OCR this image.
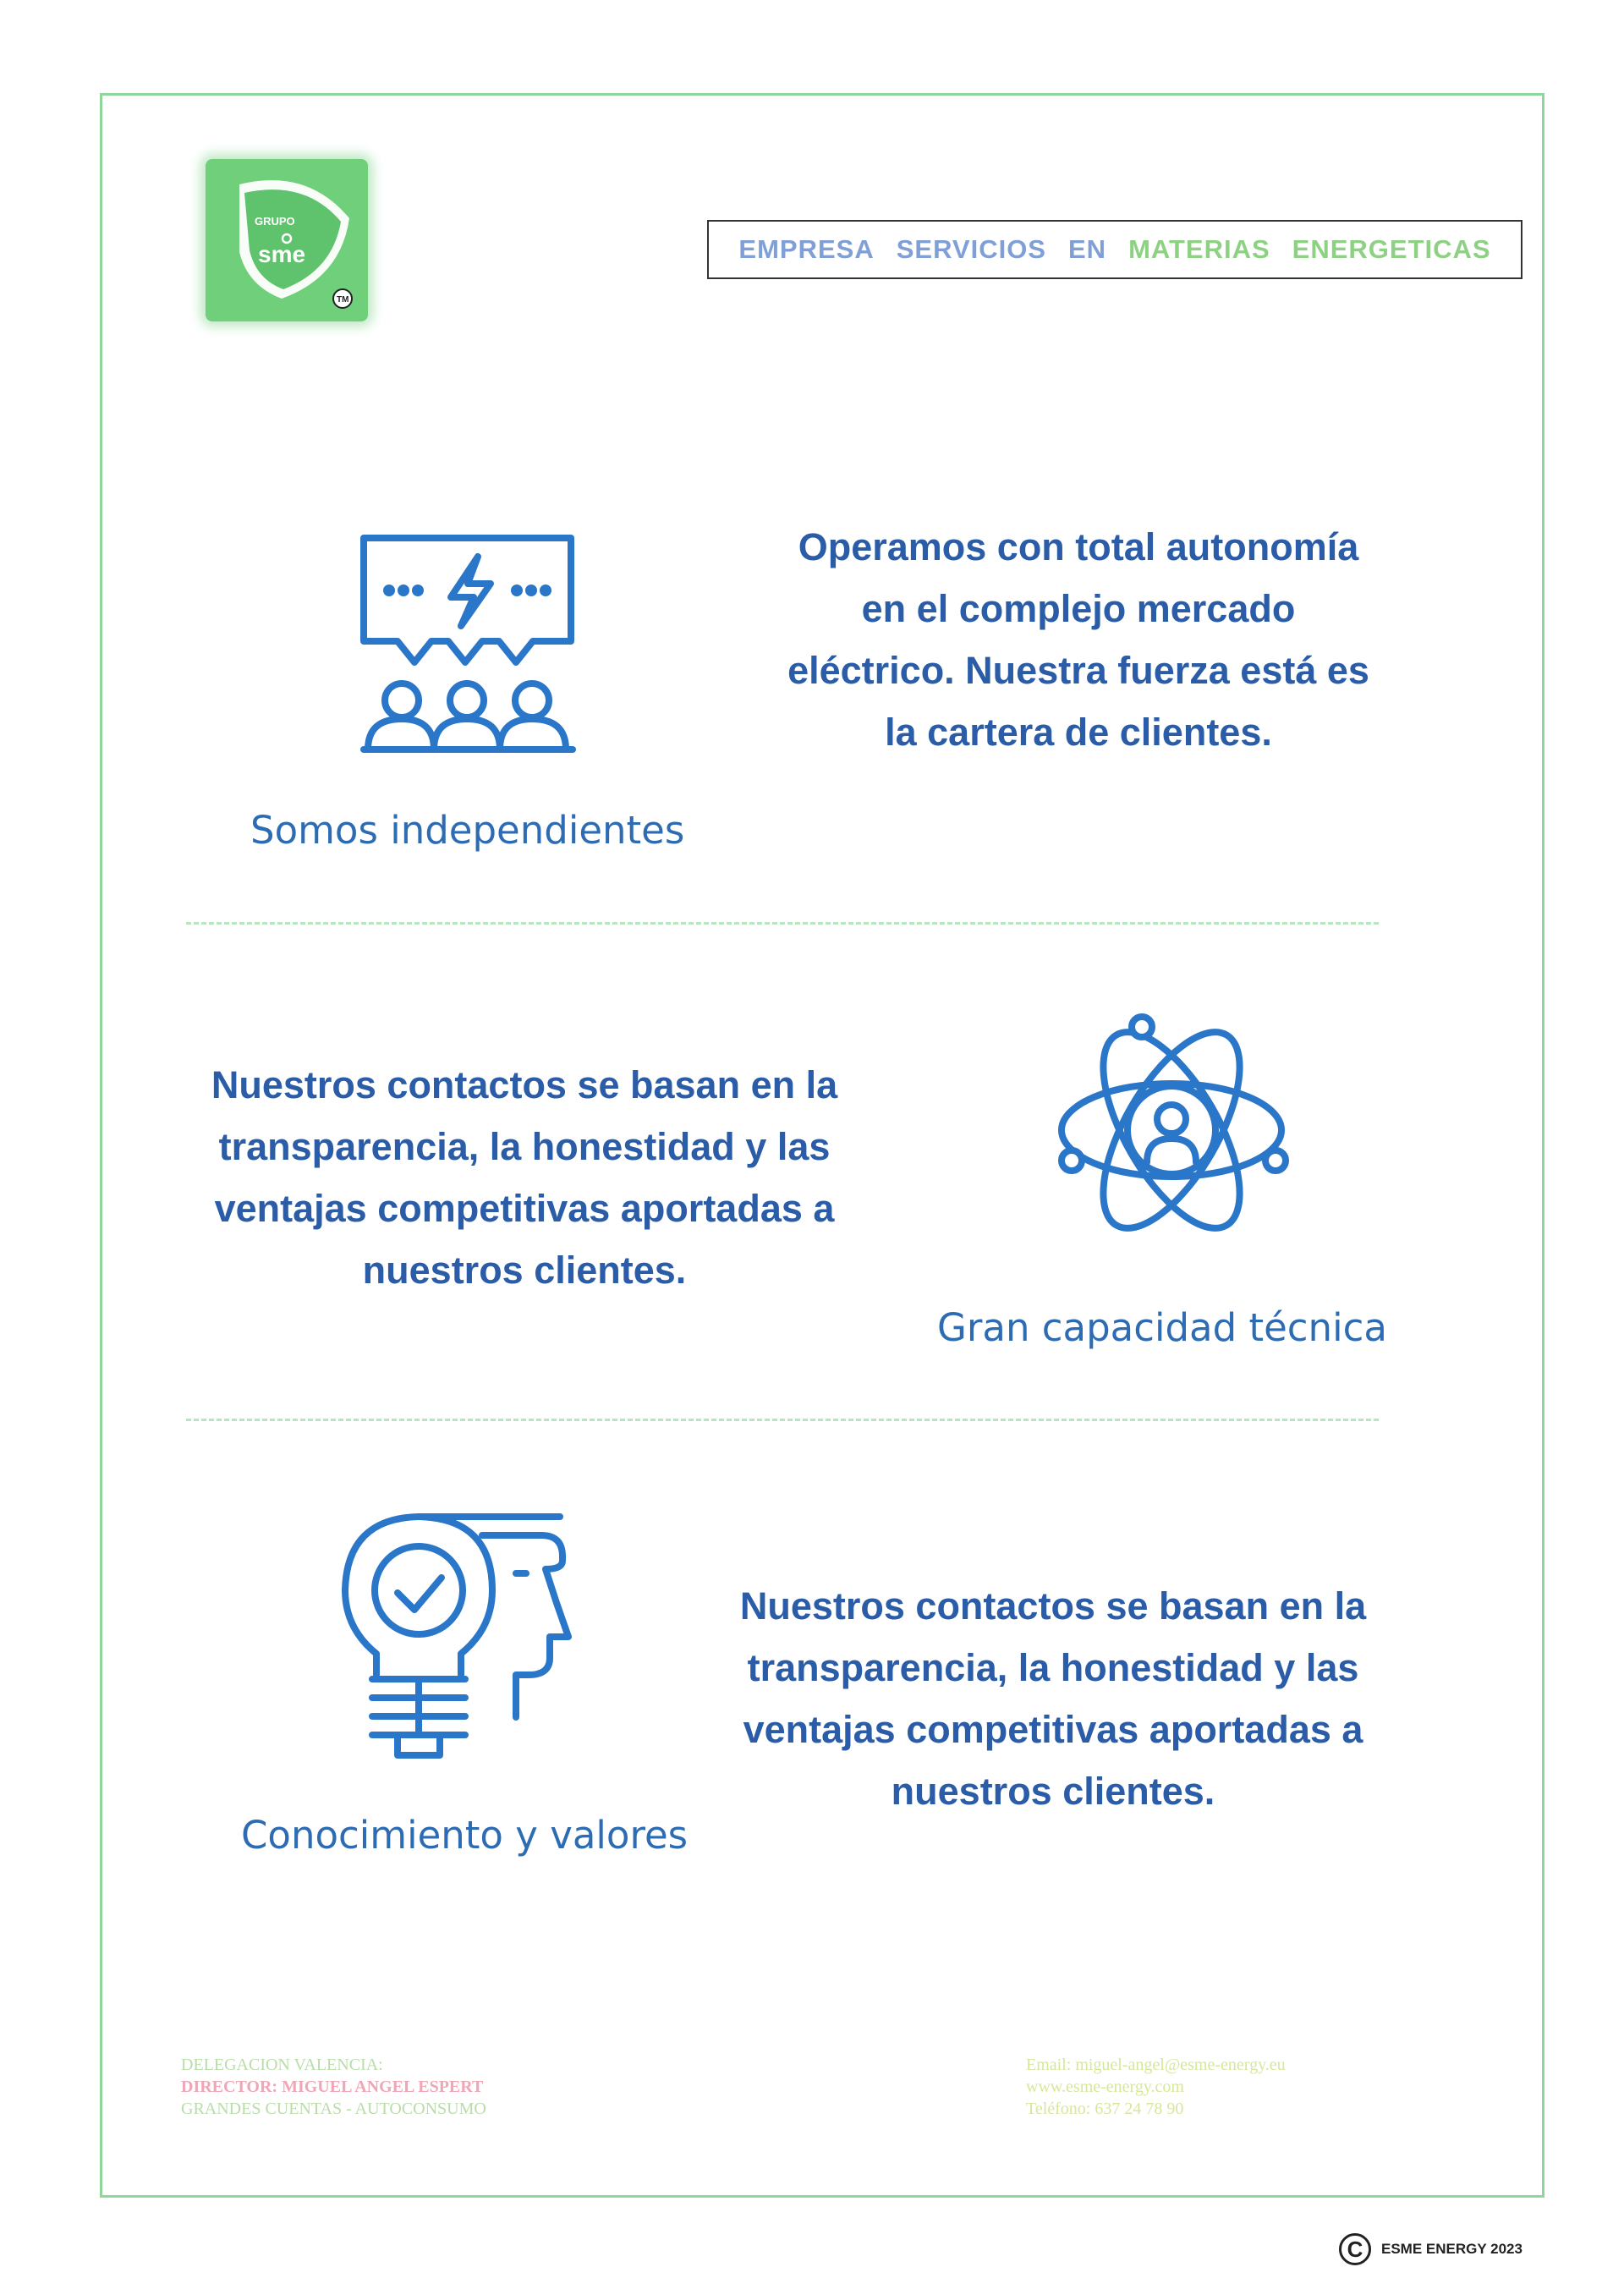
GRUPO
sme
TM
EMPRESA SERVICIOS EN MATERIAS ENERGETICAS
Operamos con total autonomía
en el complejo mercado
eléctrico. Nuestra fuerza está es
la cartera de clientes.
Somos independientes
Nuestros contactos se basan en la
transparencia, la honestidad y las
ventajas competitivas aportadas a
nuestros clientes.
Gran capacidad técnica
Nuestros contactos se basan en la
transparencia, la honestidad y las
ventajas competitivas aportadas a
nuestros clientes.
Conocimiento y valores
DELEGACION VALENCIA:
DIRECTOR: MIGUEL ANGEL ESPERT
GRANDES CUENTAS - AUTOCONSUMO
Email: miguel-angel@esme-energy.eu
www.esme-energy.com
Teléfono: 637 24 78 90
C	ESME ENERGY 2023
